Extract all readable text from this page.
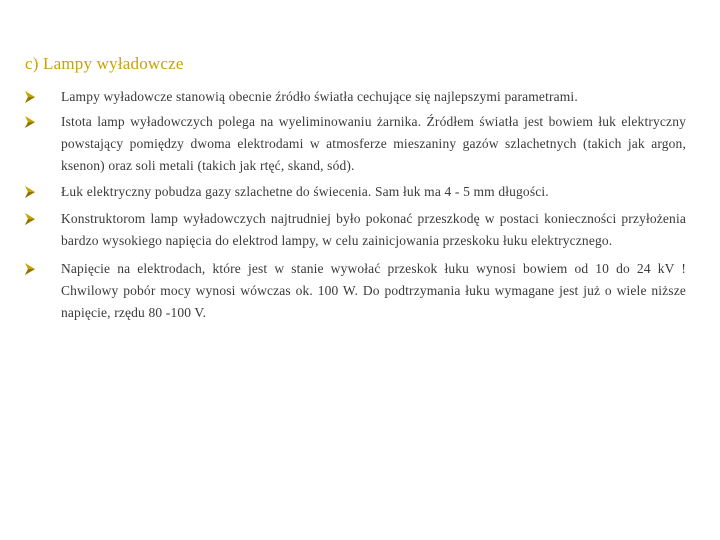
c) Lampy wyładowcze
Lampy wyładowcze stanowią obecnie źródło światła cechujące się najlepszymi parametrami.
Istota lamp wyładowczych polega na wyeliminowaniu żarnika. Źródłem światła jest bowiem łuk elektryczny powstający pomiędzy dwoma elektrodami w atmosferze mieszaniny gazów szlachetnych (takich jak argon, ksenon) oraz soli metali (takich jak rtęć, skand, sód).
Łuk elektryczny pobudza gazy szlachetne do świecenia. Sam łuk ma 4 - 5 mm długości.
Konstruktorom lamp wyładowczych najtrudniej było pokonać przeszkodę w postaci konieczności przyłożenia bardzo wysokiego napięcia do elektrod lampy, w celu zainicjowania przeskoku łuku elektrycznego.
Napięcie na elektrodach, które jest w stanie wywołać przeskok łuku wynosi bowiem od 10 do 24 kV ! Chwilowy pobór mocy wynosi wówczas ok. 100 W. Do podtrzymania łuku wymagane jest już o wiele niższe napięcie, rzędu 80 -100 V.
